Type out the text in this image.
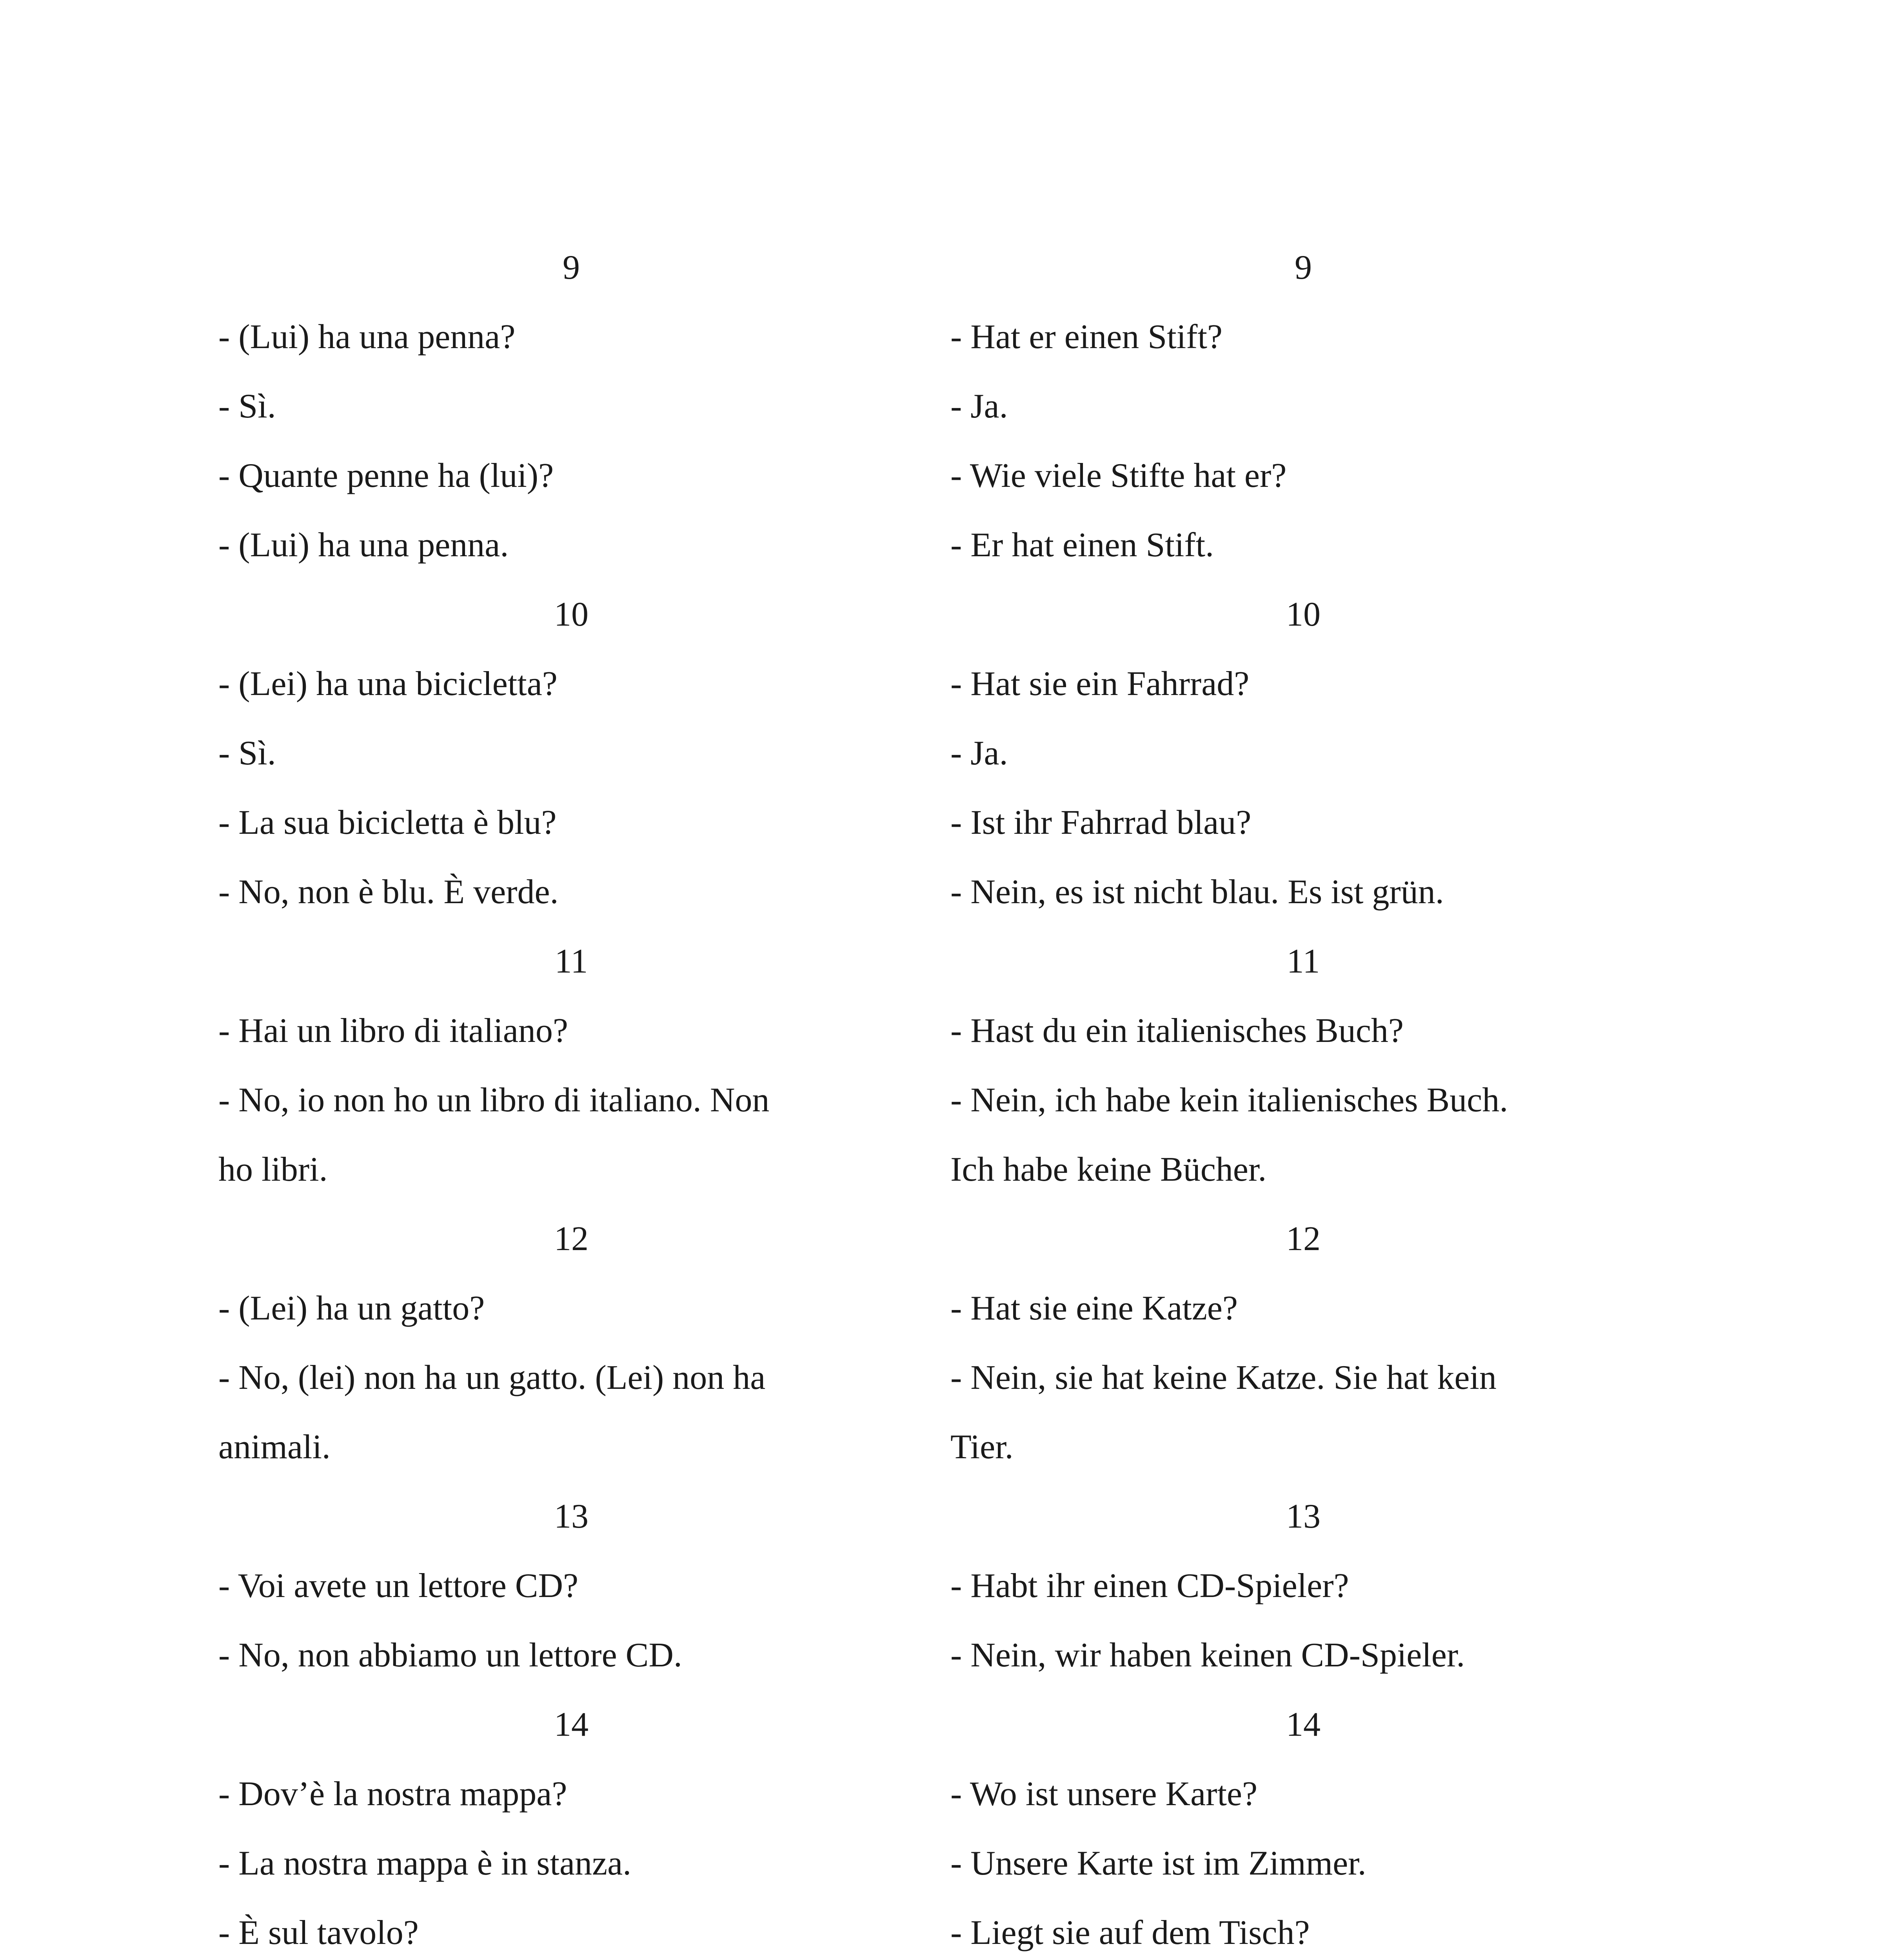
9
- (Lui) ha una penna?
- Sì.
- Quante penne ha (lui)?
- (Lui) ha una penna.
10
- (Lei) ha una bicicletta?
- Sì.
- La sua bicicletta è blu?
- No, non è blu. È verde.
11
- Hai un libro di italiano?
- No, io non ho un libro di italiano. Non
ho libri.
12
- (Lei) ha un gatto?
- No, (lei) non ha un gatto. (Lei) non ha
animali.
13
- Voi avete un lettore CD?
- No, non abbiamo un lettore CD.
14
- Dov’è la nostra mappa?
- La nostra mappa è in stanza.
- È sul tavolo?
9
- Hat er einen Stift?
- Ja.
- Wie viele Stifte hat er?
- Er hat einen Stift.
10
- Hat sie ein Fahrrad?
- Ja.
- Ist ihr Fahrrad blau?
- Nein, es ist nicht blau. Es ist grün.
11
- Hast du ein italienisches Buch?
- Nein, ich habe kein italienisches Buch.
Ich habe keine Bücher.
12
- Hat sie eine Katze?
- Nein, sie hat keine Katze. Sie hat kein
Tier.
13
- Habt ihr einen CD-Spieler?
- Nein, wir haben keinen CD-Spieler.
14
- Wo ist unsere Karte?
- Unsere Karte ist im Zimmer.
- Liegt sie auf dem Tisch?
